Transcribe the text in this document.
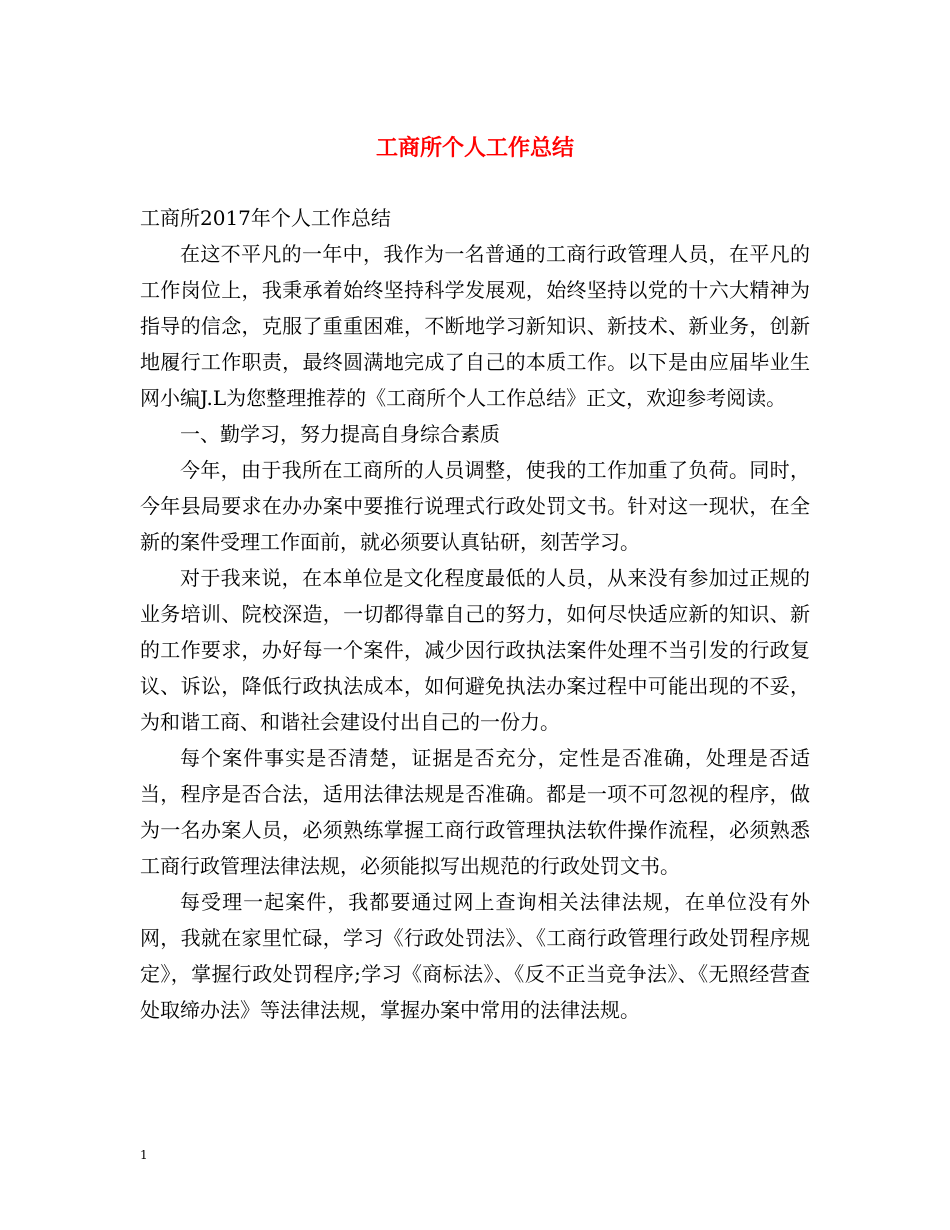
工商所个人工作总结

工商所2017年个人工作总结

在这不平凡的一年中，我作为一名普通的工商行政管理人员，在平凡的工作岗位上，我秉承着始终坚持科学发展观，始终坚持以党的十六大精神为指导的信念，克服了重重困难，不断地学习新知识、新技术、新业务，创新地履行工作职责，最终圆满地完成了自己的本质工作。以下是由应届毕业生网小编J.L为您整理推荐的《工商所个人工作总结》正文，欢迎参考阅读。

一、勤学习，努力提高自身综合素质

今年，由于我所在工商所的人员调整，使我的工作加重了负荷。同时，今年县局要求在办办案中要推行说理式行政处罚文书。针对这一现状，在全新的案件受理工作面前，就必须要认真钻研，刻苦学习。

对于我来说，在本单位是文化程度最低的人员，从来没有参加过正规的业务培训、院校深造，一切都得靠自己的努力，如何尽快适应新的知识、新的工作要求，办好每一个案件，减少因行政执法案件处理不当引发的行政复议、诉讼，降低行政执法成本，如何避免执法办案过程中可能出现的不妥，为和谐工商、和谐社会建设付出自己的一份力。

每个案件事实是否清楚，证据是否充分，定性是否准确，处理是否适当，程序是否合法，适用法律法规是否准确。都是一项不可忽视的程序，做为一名办案人员，必须熟练掌握工商行政管理执法软件操作流程，必须熟悉工商行政管理法律法规，必须能拟写出规范的行政处罚文书。

每受理一起案件，我都要通过网上查询相关法律法规，在单位没有外网，我就在家里忙碌，学习《行政处罚法》、《工商行政管理行政处罚程序规定》，掌握行政处罚程序;学习《商标法》、《反不正当竞争法》、《无照经营查处取缔办法》等法律法规，掌握办案中常用的法律法规。

1
